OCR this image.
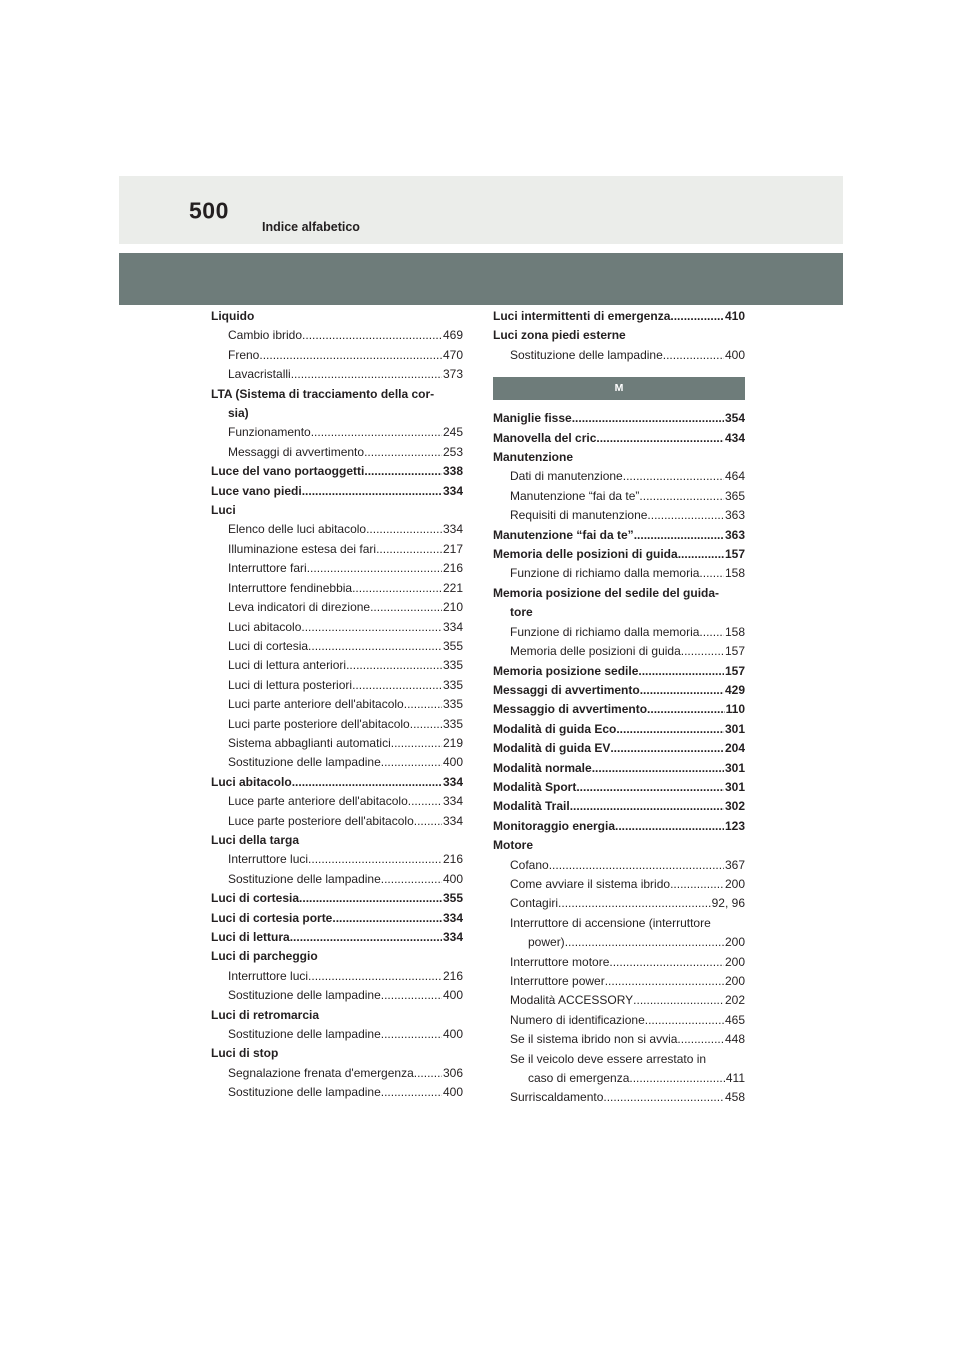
500
Indice alfabetico
Liquido
Cambio ibrido .....	469
Freno .....	470
Lavacristalli .....	373
LTA (Sistema di tracciamento della cor-
sia)
Funzionamento .....	245
Messaggi di avvertimento .....	253
Luce del vano portaoggetti .....	338
Luce vano piedi .....	334
Luci
Elenco delle luci abitacolo .....	334
Illuminazione estesa dei fari .....	217
Interruttore fari .....	216
Interruttore fendinebbia .....	221
Leva indicatori di direzione .....	210
Luci abitacolo .....	334
Luci di cortesia .....	355
Luci di lettura anteriori .....	335
Luci di lettura posteriori .....	335
Luci parte anteriore dell'abitacolo .....	335
Luci parte posteriore dell'abitacolo .....	335
Sistema abbaglianti automatici .....	219
Sostituzione delle lampadine .....	400
Luci abitacolo .....	334
Luce parte anteriore dell'abitacolo .....	334
Luce parte posteriore dell'abitacolo ..... 334
Luci della targa
Interruttore luci .....	216
Sostituzione delle lampadine .....	400
Luci di cortesia .....	355
Luci di cortesia porte .....	334
Luci di lettura .....	334
Luci di parcheggio
Interruttore luci .....	216
Sostituzione delle lampadine .....	400
Luci di retromarcia
Sostituzione delle lampadine .....	400
Luci di stop
Segnalazione frenata d'emergenza ..... 306
Sostituzione delle lampadine .....	400
Luci intermittenti di emergenza .....	410
Luci zona piedi esterne
Sostituzione delle lampadine .....	400
M
Maniglie fisse .....	354
Manovella del cric .....	434
Manutenzione
Dati di manutenzione .....	464
Manutenzione “fai da te” .....	365
Requisiti di manutenzione .....	363
Manutenzione “fai da te” .....	363
Memoria delle posizioni di guida .....	157
Funzione di richiamo dalla memoria ..... 158
Memoria posizione del sedile del guida-
tore
Funzione di richiamo dalla memoria ..... 158
Memoria delle posizioni di guida .....	157
Memoria posizione sedile .....	157
Messaggi di avvertimento .....	429
Messaggio di avvertimento .....	110
Modalità di guida Eco .....	301
Modalità di guida EV .....	204
Modalità normale .....	301
Modalità Sport .....	301
Modalità Trail .....	302
Monitoraggio energia .....	123
Motore
Cofano .....	367
Come avviare il sistema ibrido .....	200
Contagiri .....	92, 96
Interruttore di accensione (interruttore
power) .....	200
Interruttore motore .....	200
Interruttore power .....	200
Modalità ACCESSORY .....	202
Numero di identificazione .....	465
Se il sistema ibrido non si avvia .....	448
Se il veicolo deve essere arrestato in
caso di emergenza .....	411
Surriscaldamento .....	458
